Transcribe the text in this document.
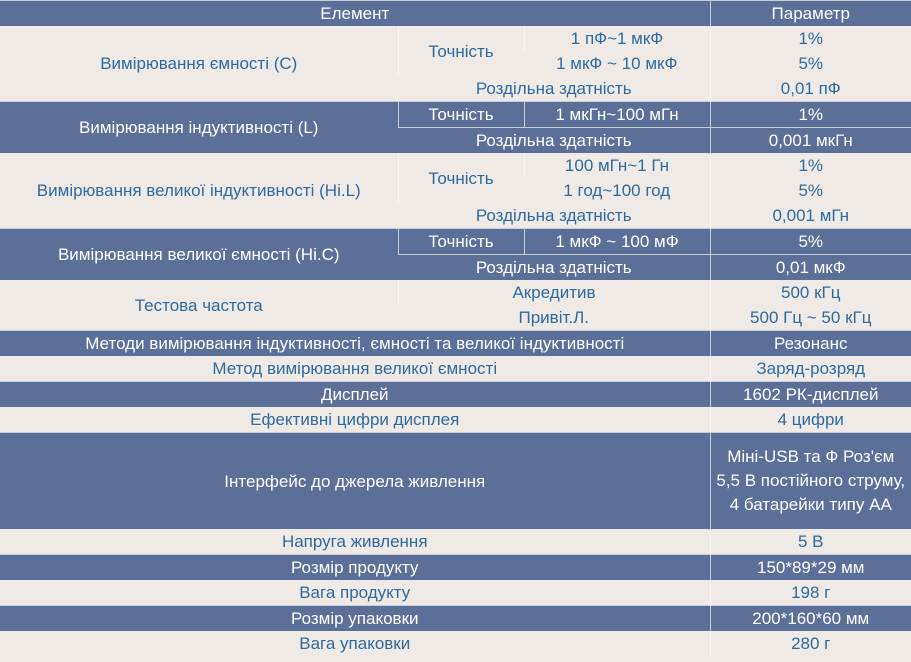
Елемент			Параметр
Вимірювання ємності (C)	Точність	1 пФ~1 мкФ	1%
		1 мкФ ~ 10 мкФ	5%
	Роздільна здатність		0,01 пФ
Вимірювання індуктивності (L)	Точність	1 мкГн~100 мГн	1%
	Роздільна здатність		0,001 мкГн
Вимірювання великої індуктивності (Hi.L)	Точність	100 мГн~1 Гн	1%
		1 год~100 год	5%
	Роздільна здатність		0,001 мГн
Вимірювання великої ємності (Hi.C)	Точність	1 мкФ ~ 100 мФ	5%
	Роздільна здатність		0,01 мкФ
Тестова частота	Акредитив		500 кГц
	Привіт.Л.		500 Гц ~ 50 кГц
Методи вимірювання індуктивності, ємності та великої індуктивності			Резонанс
Метод вимірювання великої ємності			Заряд-розряд
Дисплей			1602 РК-дисплей
Ефективні цифри дисплея			4 цифри
Інтерфейс до джерела живлення			Міні-USB та Ф Роз'єм 5,5 В постійного струму, 4 батарейки типу AA
Напруга живлення			5 В
Розмір продукту			150*89*29 мм
Вага продукту			198 г
Розмір упаковки			200*160*60 мм
Вага упаковки			280 г
